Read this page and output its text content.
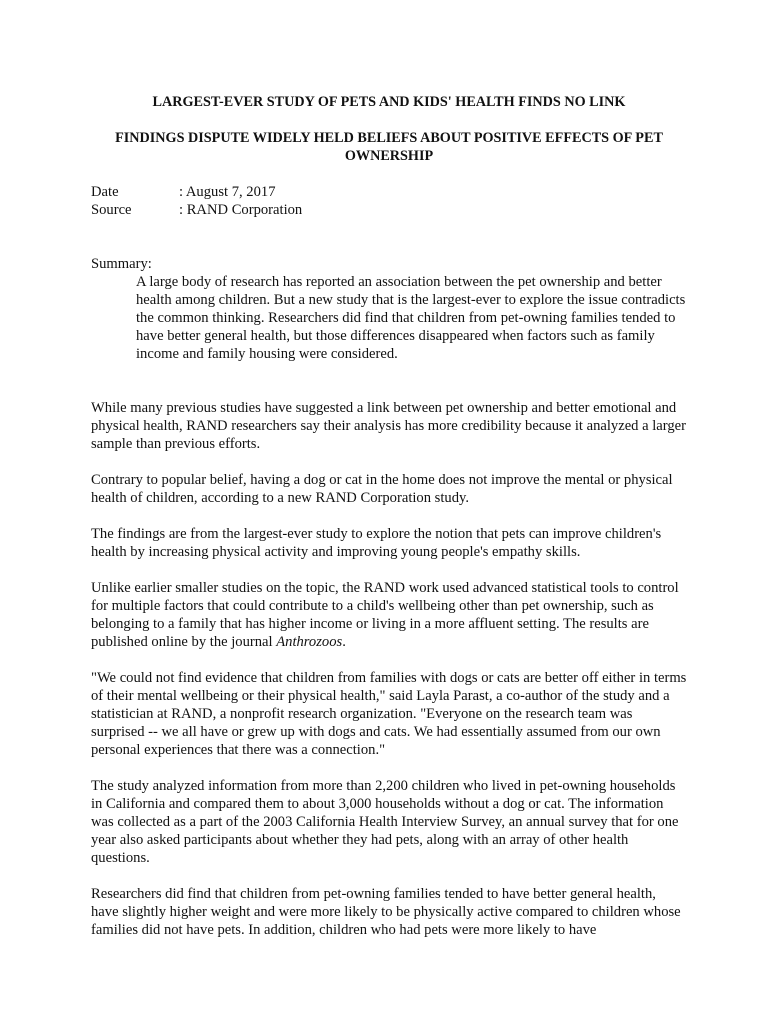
LARGEST-EVER STUDY OF PETS AND KIDS' HEALTH FINDS NO LINK
FINDINGS DISPUTE WIDELY HELD BELIEFS ABOUT POSITIVE EFFECTS OF PET OWNERSHIP
Date	: August 7, 2017
Source	: RAND Corporation
Summary:
A large body of research has reported an association between the pet ownership and better health among children. But a new study that is the largest-ever to explore the issue contradicts the common thinking. Researchers did find that children from pet-owning families tended to have better general health, but those differences disappeared when factors such as family income and family housing were considered.

While many previous studies have suggested a link between pet ownership and better emotional and physical health, RAND researchers say their analysis has more credibility because it analyzed a larger sample than previous efforts.

Contrary to popular belief, having a dog or cat in the home does not improve the mental or physical health of children, according to a new RAND Corporation study.

The findings are from the largest-ever study to explore the notion that pets can improve children's health by increasing physical activity and improving young people's empathy skills.

Unlike earlier smaller studies on the topic, the RAND work used advanced statistical tools to control for multiple factors that could contribute to a child's wellbeing other than pet ownership, such as belonging to a family that has higher income or living in a more affluent setting. The results are published online by the journal Anthrozoos.

"We could not find evidence that children from families with dogs or cats are better off either in terms of their mental wellbeing or their physical health," said Layla Parast, a co-author of the study and a statistician at RAND, a nonprofit research organization. "Everyone on the research team was surprised -- we all have or grew up with dogs and cats. We had essentially assumed from our own personal experiences that there was a connection."

The study analyzed information from more than 2,200 children who lived in pet-owning households in California and compared them to about 3,000 households without a dog or cat. The information was collected as a part of the 2003 California Health Interview Survey, an annual survey that for one year also asked participants about whether they had pets, along with an array of other health questions.

Researchers did find that children from pet-owning families tended to have better general health, have slightly higher weight and were more likely to be physically active compared to children whose families did not have pets. In addition, children who had pets were more likely to have
